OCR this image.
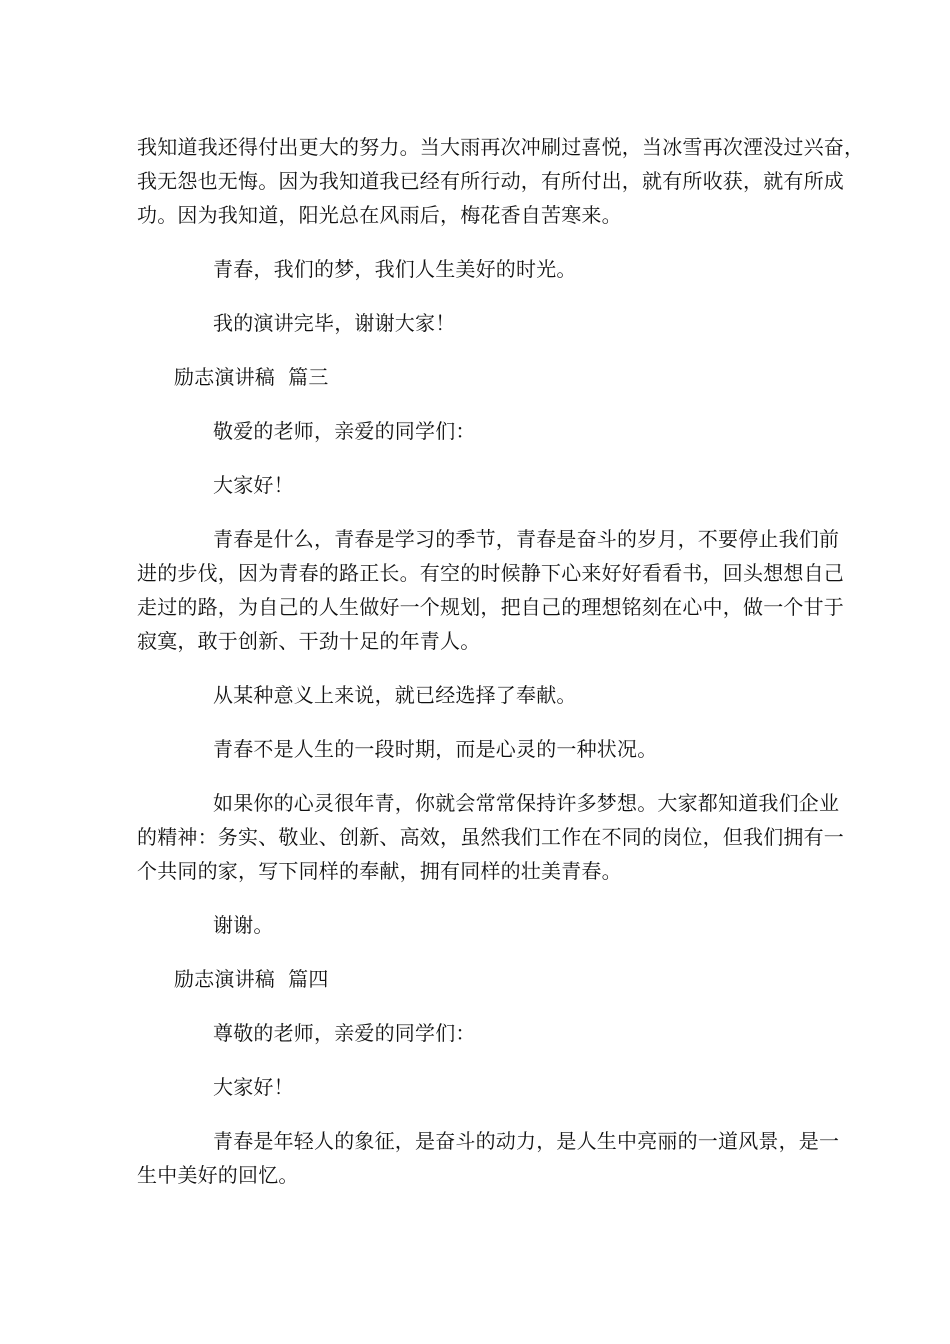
我知道我还得付出更大的努力。当大雨再次冲刷过喜悦，当冰雪再次湮没过兴奋，
我无怨也无悔。因为我知道我已经有所行动，有所付出，就有所收获，就有所成
功。因为我知道，阳光总在风雨后，梅花香自苦寒来。
青春，我们的梦，我们人生美好的时光。
我的演讲完毕，谢谢大家！
励志演讲稿  篇三
敬爱的老师，亲爱的同学们：
大家好！
青春是什么，青春是学习的季节，青春是奋斗的岁月，不要停止我们前
进的步伐，因为青春的路正长。有空的时候静下心来好好看看书，回头想想自己
走过的路，为自己的人生做好一个规划，把自己的理想铭刻在心中，做一个甘于
寂寞，敢于创新、干劲十足的年青人。
从某种意义上来说，就已经选择了奉献。
青春不是人生的一段时期，而是心灵的一种状况。
如果你的心灵很年青，你就会常常保持许多梦想。大家都知道我们企业
的精神：务实、敬业、创新、高效，虽然我们工作在不同的岗位，但我们拥有一
个共同的家，写下同样的奉献，拥有同样的壮美青春。
谢谢。
励志演讲稿  篇四
尊敬的老师，亲爱的同学们：
大家好！
青春是年轻人的象征，是奋斗的动力，是人生中亮丽的一道风景，是一
生中美好的回忆。
